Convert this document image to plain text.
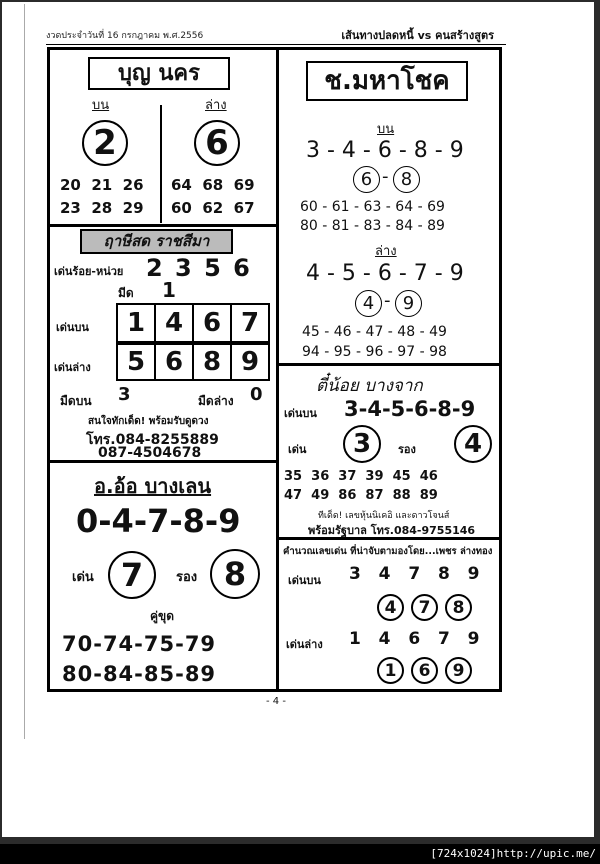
งวดประจำวันที่ 16 กรกฎาคม พ.ศ.2556	เส้นทางปลดหนี้ vs คนสร้างสูตร
บุญ นคร
บน	ล่าง
2	6
20  21  26
23  28  29
64  68  69
60  62  67
ฤาษีสด ราชสีมา
เด่นร้อย-หน่วย 2 3 5 6
มีด 1
เด่นบน 1 4 6 7
เด่นล่าง 5 6 8 9
มืดบน 3	มืดล่าง 0
สนใจทักเด็ด! พร้อมรับดูดวง
โทร.084-8255889
087-4504678
อ.อ้อ บางเลน
0-4-7-8-9
เด่น 7	รอง 8
คู่ขุด
70-74-75-79
80-84-85-89
ช.มหาโชค
บน
3 - 4 - 6 - 8 - 9
6 - 8
60 - 61 - 63 - 64 - 69
80 - 81 - 83 - 84 - 89
ล่าง
4 - 5 - 6 - 7 - 9
4 - 9
45 - 46 - 47 - 48 - 49
94 - 95 - 96 - 97 - 98
ตี๋น้อย บางจาก
เด่นบน 3-4-5-6-8-9
เด่น 3 รอง 4
35  36  37  39  45  46
47  49  86  87  88  89
ทีเด็ด! เลขหุ้นนิเคอิ และดาวโจนส์
พร้อมรัฐบาล โทร.084-9755146
คำนวณเลขเด่น ที่น่าจับตามองโดย...เพชร ล่างทอง
เด่นบน 3  4  7  8  9
4 7 8
เด่นล่าง 1  4  6  7  9
1 6 9
- 4 -
[724x1024]http://upic.me/
